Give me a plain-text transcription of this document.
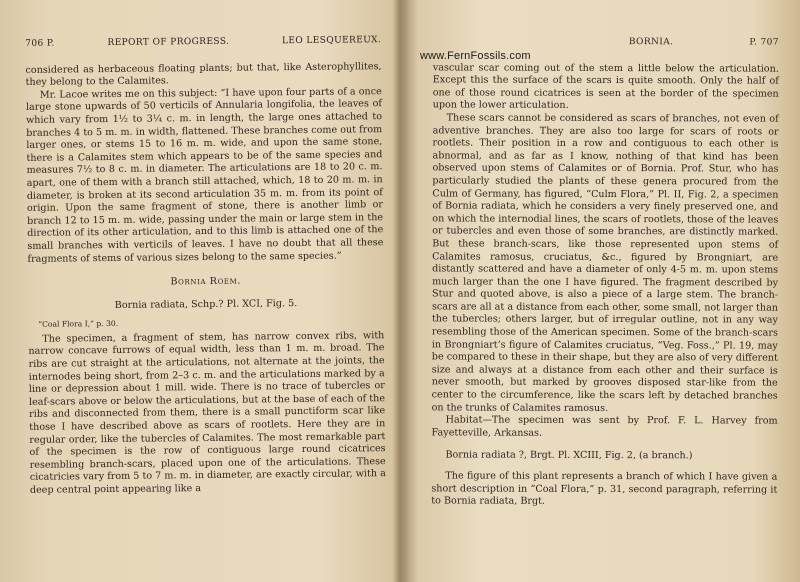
706 P.	REPORT OF PROGRESS.	LEO LESQUEREUX.

considered as herbaceous floating plants; but that, like Asterophyllites, they belong to the Calamites.

Mr. Lacoe writes me on this subject: “I have upon four parts of a once large stone upwards of 50 verticils of Annularia longifolia, the leaves of which vary from 1½ to 3¼ c. m. in length, the large ones attached to branches 4 to 5 m. m. in width, flattened. These branches come out from larger ones, or stems 15 to 16 m. m. wide, and upon the same stone, there is a Calamites stem which appears to be of the same species and measures 7½ to 8 c. m. in diameter. The articulations are 18 to 20 c. m. apart, one of them with a branch still attached, which, 18 to 20 m. m. in diameter, is broken at its second articulation 35 m. m. from its point of origin. Upon the same fragment of stone, there is another limb or branch 12 to 15 m. m. wide, passing under the main or large stem in the direction of its other articulation, and to this limb is attached one of the small branches with verticils of leaves. I have no doubt that all these fragments of stems of various sizes belong to the same species.”

Bornia Roem.

Bornia radiata, Schp.? Pl. XCI, Fig. 5.

“Coal Flora I,” p. 30.

The specimen, a fragment of stem, has narrow convex ribs, with narrow concave furrows of equal width, less than 1 m. m. broad. The ribs are cut straight at the articulations, not alternate at the joints, the internodes being short, from 2–3 c. m. and the articulations marked by a line or depression about 1 mill. wide. There is no trace of tubercles or leaf-scars above or below the articulations, but at the base of each of the ribs and disconnected from them, there is a small punctiform scar like those I have described above as scars of rootlets. Here they are in regular order, like the tubercles of Calamites. The most remarkable part of the specimen is the row of contiguous large round cicatrices resembling branch-scars, placed upon one of the articulations. These cicatricies vary from 5 to 7 m. m. in diameter, are exactly circular, with a deep central point appearing like a

www.FernFossils.com
BORNIA.	P. 707

vascular scar coming out of the stem a little below the articulation. Except this the surface of the scars is quite smooth. Only the half of one of those round cicatrices is seen at the border of the specimen upon the lower articulation.

These scars cannot be considered as scars of branches, not even of adventive branches. They are also too large for scars of roots or rootlets. Their position in a row and contiguous to each other is abnormal, and as far as I know, nothing of that kind has been observed upon stems of Calamites or of Bornia. Prof. Stur, who has particularly studied the plants of these genera procured from the Culm of Germany, has figured, “Culm Flora,” Pl. II, Fig. 2, a specimen of Bornia radiata, which he considers a very finely preserved one, and on which the internodial lines, the scars of rootlets, those of the leaves or tubercles and even those of some branches, are distinctly marked. But these branch-scars, like those represented upon stems of Calamites ramosus, cruciatus, &c., figured by Brongniart, are distantly scattered and have a diameter of only 4-5 m. m. upon stems much larger than the one I have figured. The fragment described by Stur and quoted above, is also a piece of a large stem. The branch-scars are all at a distance from each other, some small, not larger than the tubercles; others larger, but of irregular outline, not in any way resembling those of the American specimen. Some of the branch-scars in Brongniart’s figure of Calamites cruciatus, “Veg. Foss.,” Pl. 19, may be compared to these in their shape, but they are also of very different size and always at a distance from each other and their surface is never smooth, but marked by grooves disposed star-like from the center to the circumference, like the scars left by detached branches on the trunks of Calamites ramosus.

Habitat—The specimen was sent by Prof. F. L. Harvey from Fayetteville, Arkansas.

Bornia radiata ?, Brgt. Pl. XCIII, Fig. 2, (a branch.)

The figure of this plant represents a branch of which I have given a short description in “Coal Flora,” p. 31, second paragraph, referring it to Bornia radiata, Brgt.
